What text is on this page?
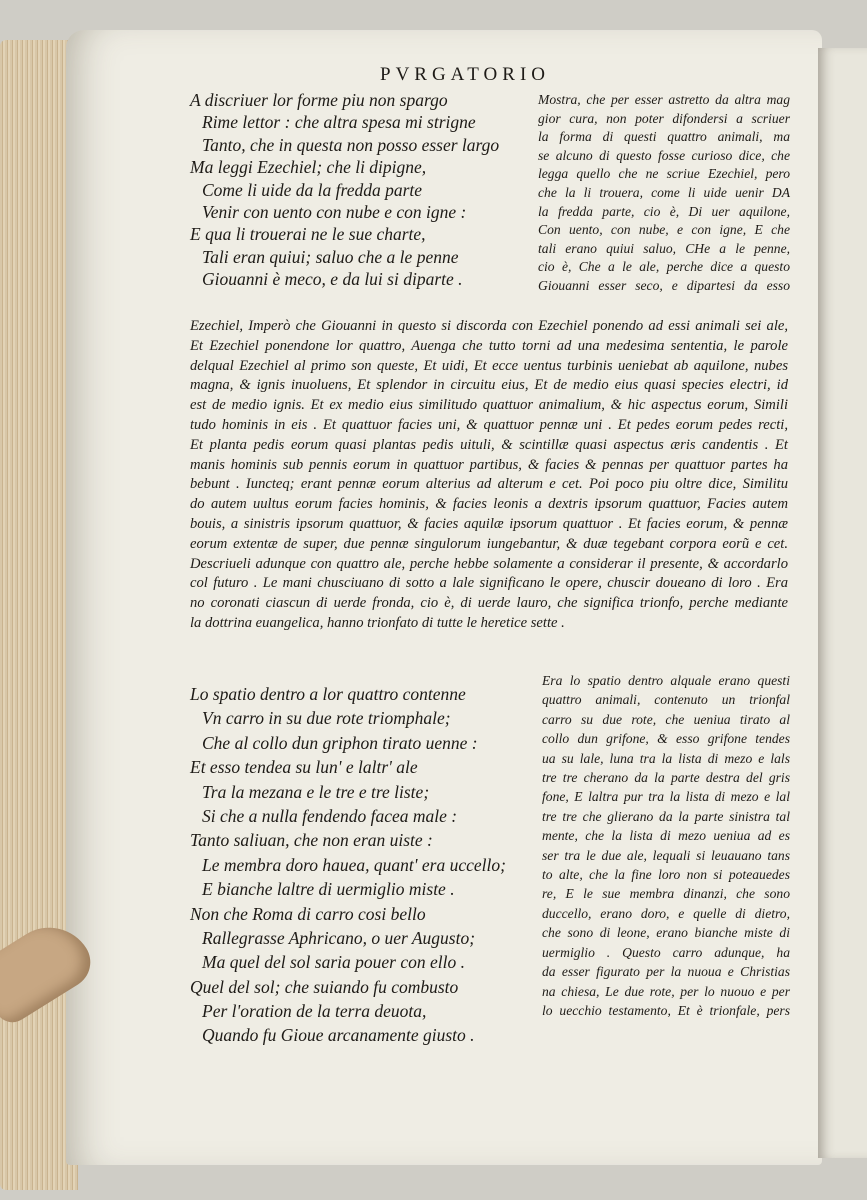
PVRGATORIO
A discriuer lor forme piu non spargo
Rime lettor : che altra spesa mi strigne
Tanto, che in questa non posso esser largo
Ma leggi Ezechiel; che li dipigne,
Come li uide da la fredda parte
Venir con uento con nube e con igne :
E qua li trouerai ne le sue charte,
Tali eran quiui; saluo che a le penne
Giouanni è meco, e da lui si diparte .
Mostra, che per esser astretto da altra mag
gior cura, non poter difondersi a scriuer
la forma di questi quattro animali, ma
se alcuno di questo fosse curioso dice, che
legga quello che ne scriue Ezechiel, pero
che la li trouera, come li uide uenir DA
la fredda parte, cio è, Di uer aquilone,
Con uento, con nube, e con igne, E che
tali erano quiui saluo, CHe a le penne,
cio è, Che a le ale, perche dice a questo
Giouanni esser seco, e dipartesi da esso
Ezechiel, Imperò che Giouanni in questo si discorda con Ezechiel ponendo ad essi animali sei ale,
Et Ezechiel ponendone lor quattro, Auenga che tutto torni ad una medesima sententia, le parole
delqual Ezechiel al primo son queste, Et uidi, Et ecce uentus turbinis ueniebat ab aquilone, nubes
magna, & ignis inuoluens, Et splendor in circuitu eius, Et de medio eius quasi species electri, id
est de medio ignis. Et ex medio eius similitudo quattuor animalium, & hic aspectus eorum, Simili
tudo hominis in eis . Et quattuor facies uni, & quattuor pennæ uni . Et pedes eorum pedes recti,
Et planta pedis eorum quasi plantas pedis uituli, & scintillæ quasi aspectus æris candentis . Et
manis hominis sub pennis eorum in quattuor partibus, & facies & pennas per quattuor partes ha
bebunt . Iuncteq; erant pennæ eorum alterius ad alterum e cet. Poi poco piu oltre dice, Similitu
do autem uultus eorum facies hominis, & facies leonis a dextris ipsorum quattuor, Facies autem
bouis, a sinistris ipsorum quattuor, & facies aquilæ ipsorum quattuor . Et facies eorum, & pennæ
eorum extentæ de super, due pennæ singulorum iungebantur, & duæ tegebant corpora eorũ e cet.
Descriueli adunque con quattro ale, perche hebbe solamente a considerar il presente, & accordarlo
col futuro . Le mani chusciuano di sotto a lale significano le opere, chuscir doueano di loro . Era
no coronati ciascun di uerde fronda, cio è, di uerde lauro, che significa trionfo, perche mediante
la dottrina euangelica, hanno trionfato di tutte le heretice sette .
Lo spatio dentro a lor quattro contenne
Vn carro in su due rote triomphale;
Che al collo dun griphon tirato uenne :
Et esso tendea su lun' e laltr' ale
Tra la mezana e le tre e tre liste;
Si che a nulla fendendo facea male :
Tanto saliuan, che non eran uiste :
Le membra doro hauea, quant' era uccello;
E bianche laltre di uermiglio miste .
Non che Roma di carro cosi bello
Rallegrasse Aphricano, o uer Augusto;
Ma quel del sol saria pouer con ello .
Quel del sol; che suiando fu combusto
Per l'oration de la terra deuota,
Quando fu Gioue arcanamente giusto .
Era lo spatio dentro alquale erano questi
quattro animali, contenuto un trionfal
carro su due rote, che ueniua tirato al
collo dun grifone, & esso grifone tendes
ua su lale, luna tra la lista di mezo e lals
tre tre cherano da la parte destra del gris
fone, E laltra pur tra la lista di mezo e lal
tre tre che glierano da la parte sinistra tal
mente, che la lista di mezo ueniua ad es
ser tra le due ale, lequali si leuauano tans
to alte, che la fine loro non si poteauedes
re, E le sue membra dinanzi, che sono
duccello, erano doro, e quelle di dietro,
che sono di leone, erano bianche miste di
uermiglio . Questo carro adunque, ha
da esser figurato per la nuoua e Christias
na chiesa, Le due rote, per lo nuouo e per
lo uecchio testamento, Et è trionfale, pers
